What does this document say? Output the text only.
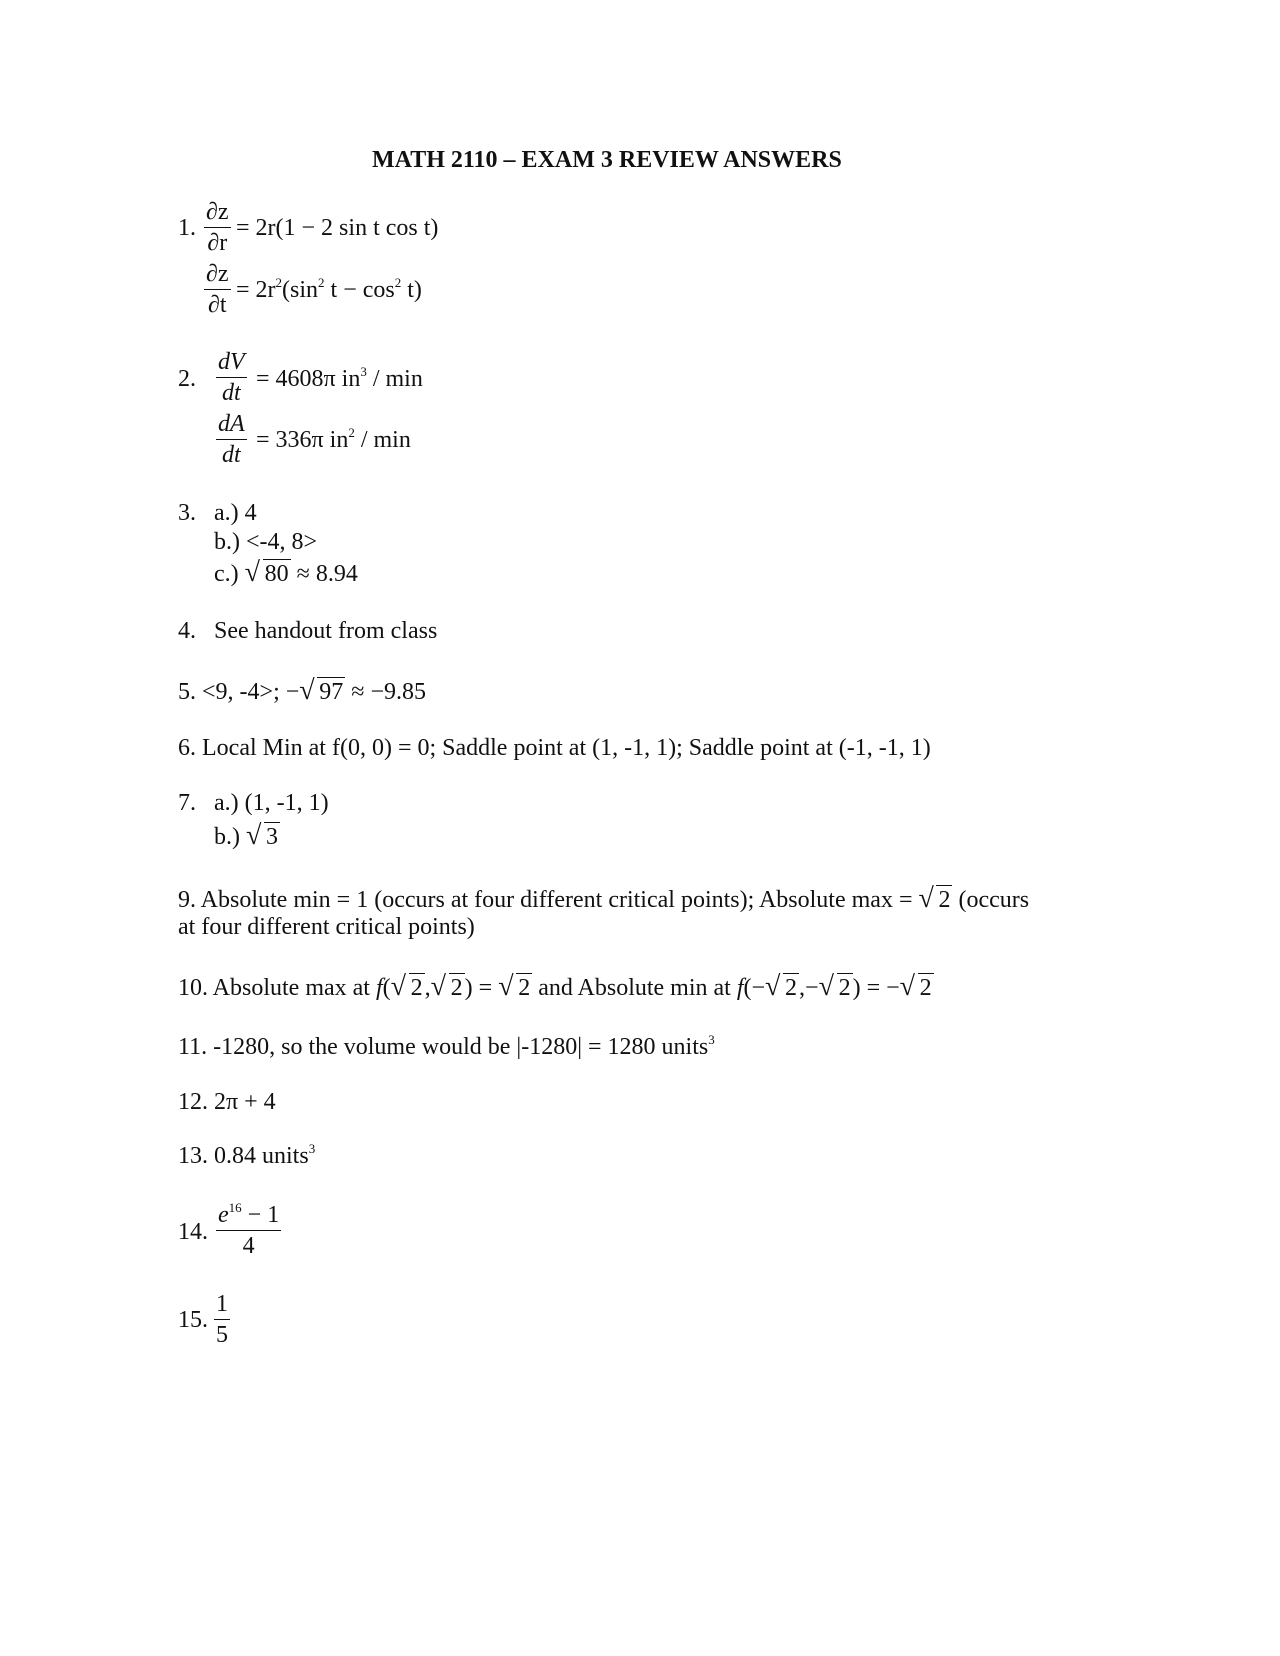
MATH 2110 – EXAM 3 REVIEW ANSWERS
1.
∂z
∂r
= 2r(1 − 2 sin t cos t)
∂z
∂t
= $2r^2(\sin^2$ $t - \cos^2 t$)
2.
dV
dt
= 4608π $in^3$ / min
dA
dt
= 336π $in^2$ / min
3. a.) 4
b.) <-4, 8>
c.) √ 80 ≈ 8.94
4. See handout from class
5. <9, -4>; − √ 97 ≈ −9.85
6. Local Min at f(0, 0) = 0; Saddle point at (1, -1, 1); Saddle point at (-1, -1, 1)
7. a.) (1, -1, 1)
b.) √ 3
9. Absolute min = 1 (occurs at four different critical points); Absolute max = √ 2 (occurs
at four different critical points)
10. Absolute max at f( √ 2, √ 2) = √ 2 and Absolute min at f(− √ 2,− √ 2) = − √ 2
11. -1280, so the volume would be |-1280| = 1280 units$^3$
12. 2π + 4
13. 0.84 units$^3$
14.
$e^{16} - 1$
4
15.
1
5
